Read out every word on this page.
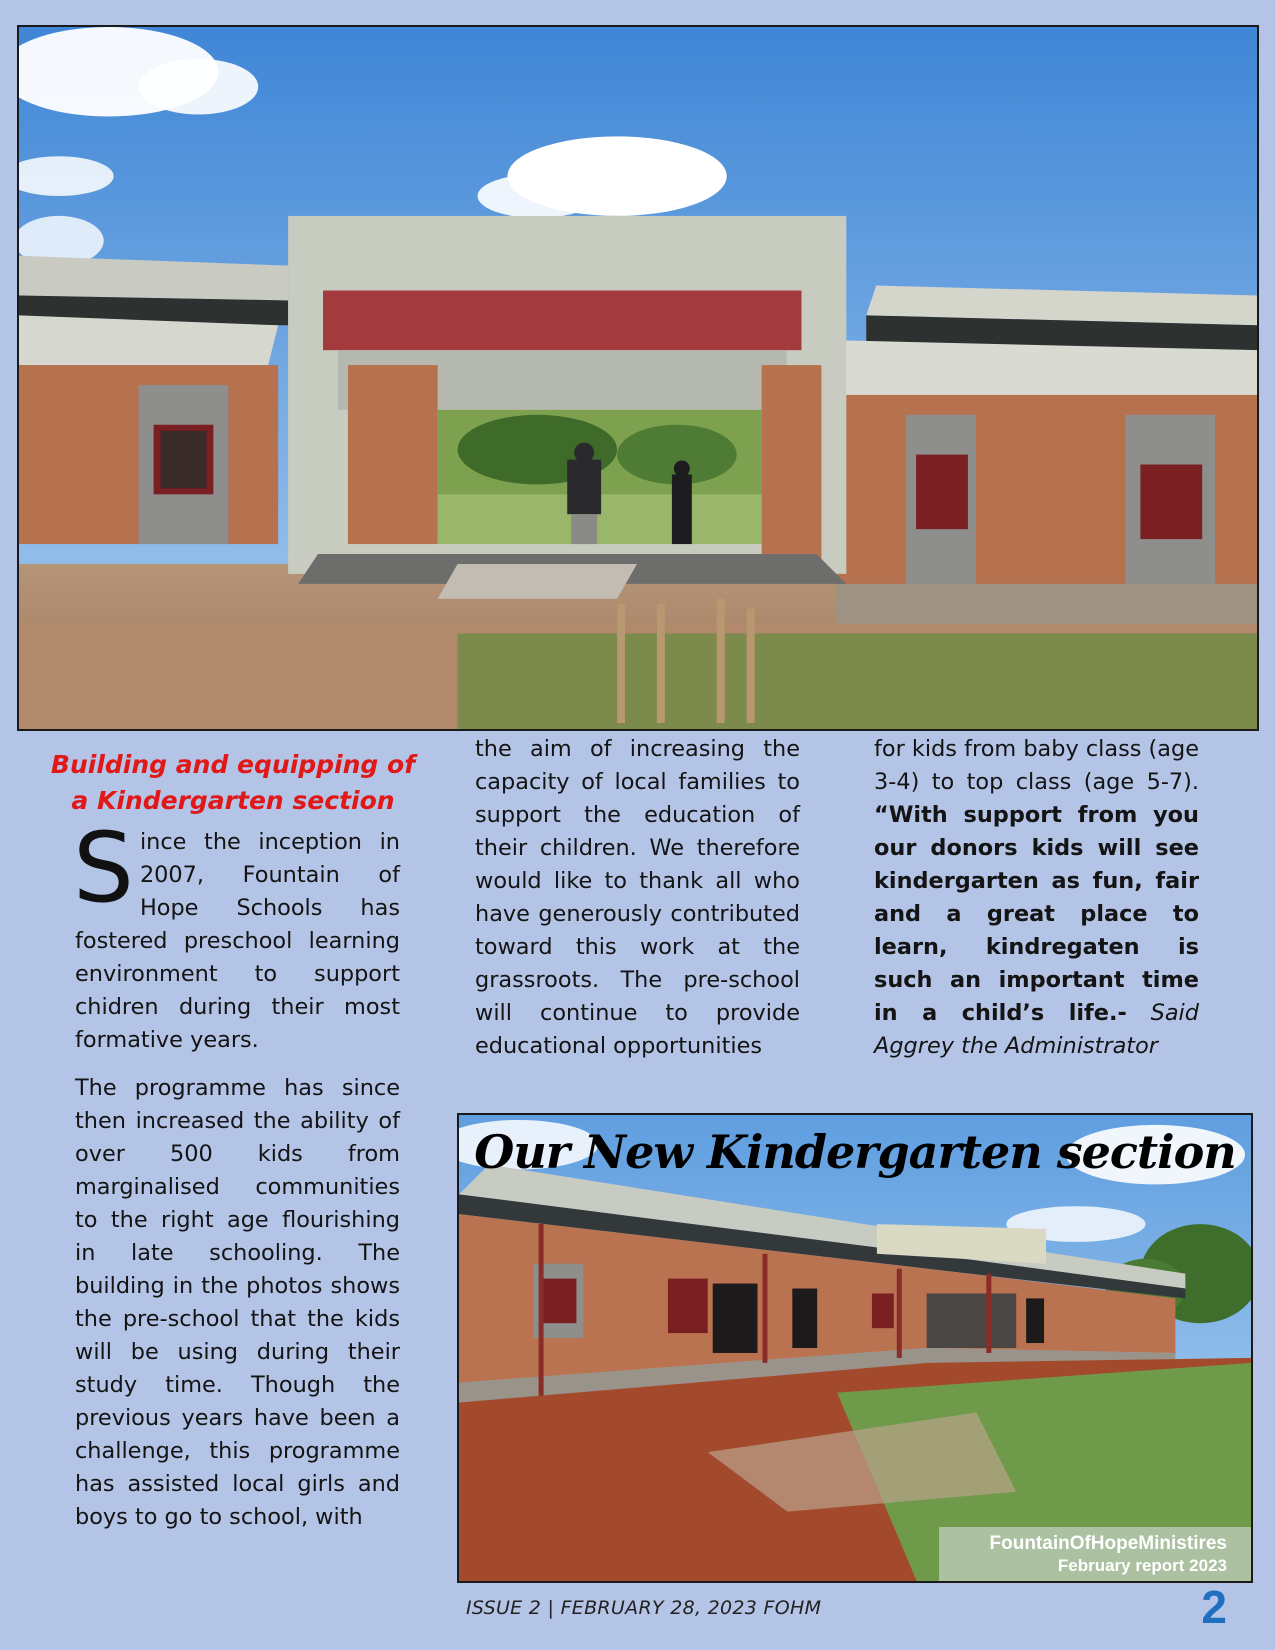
Building and equipping of
a Kindergarten section

Since the inception in 2007, Fountain of Hope Schools has fostered preschool learning environment to support chidren during their most formative years.

The programme has since then increased the ability of over 500 kids from marginalised communities to the right age flourishing in late schooling. The building in the photos shows the pre-school that the kids will be using during their study time. Though the previous years have been a challenge, this programme has assisted local girls and boys to go to school, with

the aim of increasing the capacity of local families to support the education of their children. We therefore would like to thank all who have generously contributed toward this work at the grassroots. The pre-school will continue to provide educational opportunities

for kids from baby class (age 3-4) to top class (age 5-7). “With support from you our donors kids will see kindergarten as fun, fair and a great place to learn, kindregaten is such an important time in a child’s life.- Said Aggrey the Administrator

Our New Kindergarten section
FountainOfHopeMinistires
February report 2023
ISSUE 2 | FEBRUARY 28, 2023 FOHM	2
